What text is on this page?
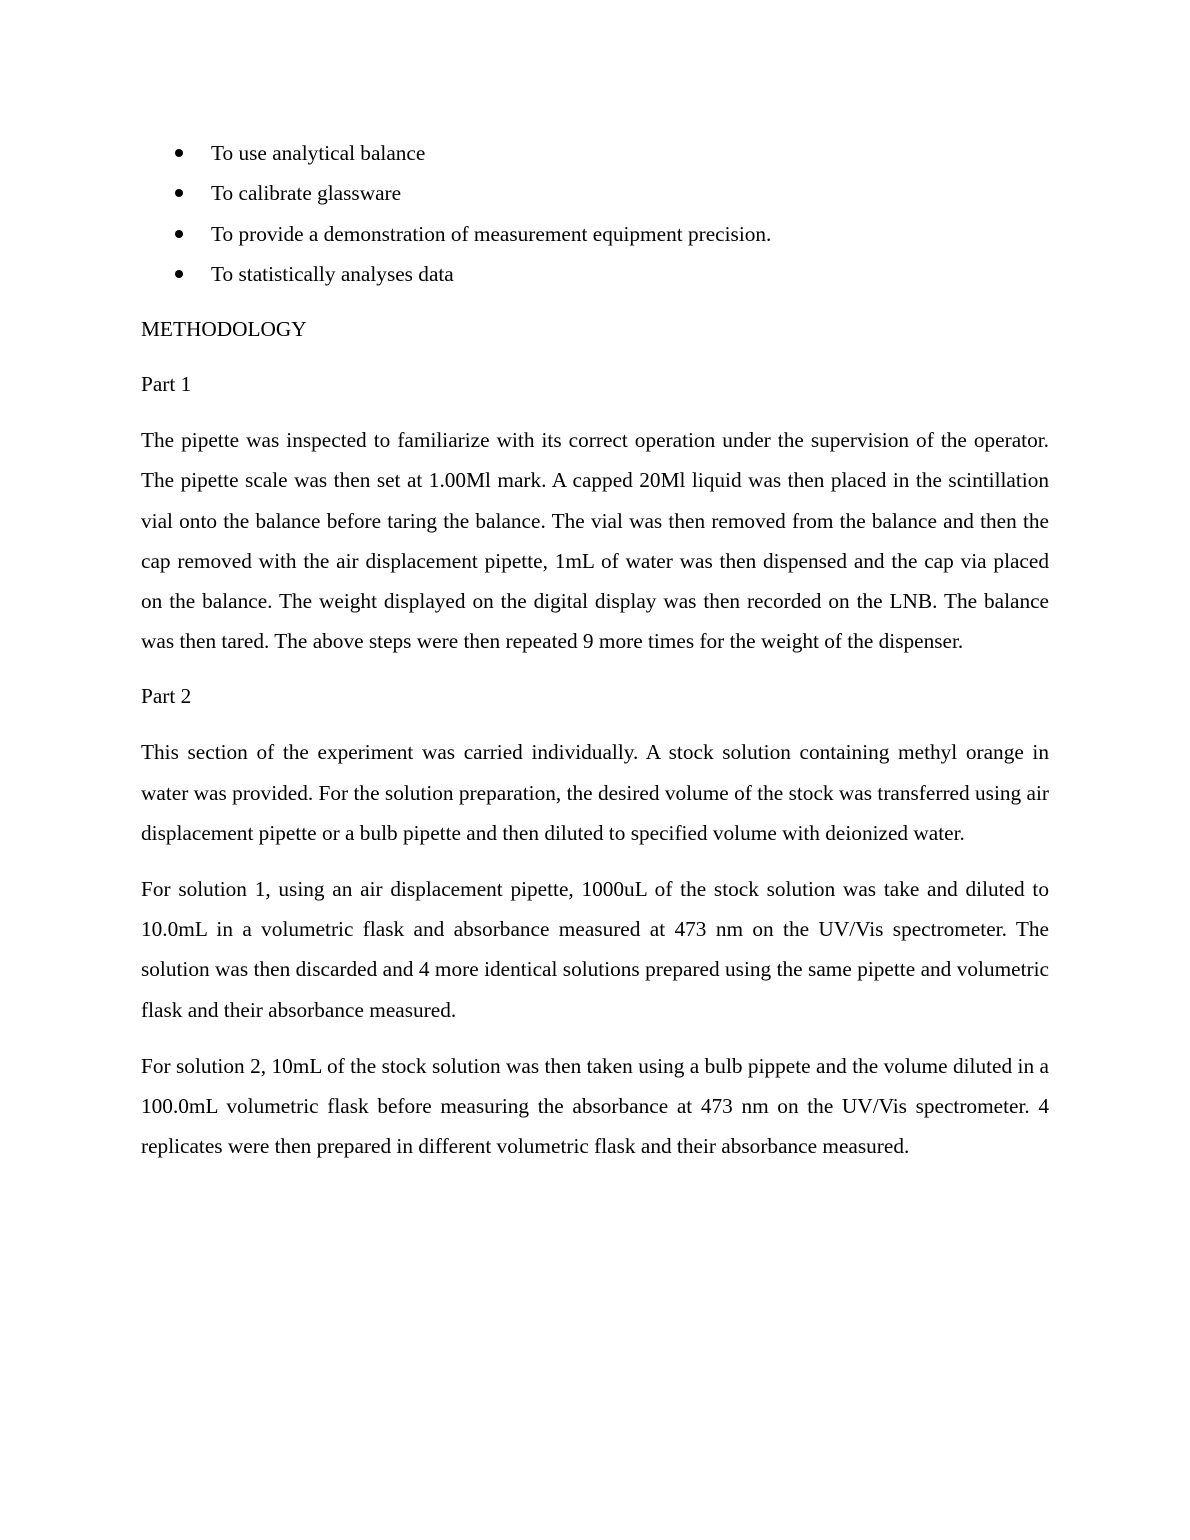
To use analytical balance
To calibrate glassware
To provide a demonstration of measurement equipment precision.
To statistically analyses data
METHODOLOGY
Part 1

The pipette was inspected to familiarize with its correct operation under the supervision of the operator. The pipette scale was then set at 1.00Ml mark. A capped 20Ml liquid was then placed in the scintillation vial onto the balance before taring the balance. The vial was then removed from the balance and then the cap removed with the air displacement pipette, 1mL of water was then dispensed and the cap via placed on the balance. The weight displayed on the digital display was then recorded on the LNB. The balance was then tared. The above steps were then repeated 9 more times for the weight of the dispenser.

Part 2

This section of the experiment was carried individually. A stock solution containing methyl orange in water was provided. For the solution preparation, the desired volume of the stock was transferred using air displacement pipette or a bulb pipette and then diluted to specified volume with deionized water.

For solution 1, using an air displacement pipette, 1000uL of the stock solution was take and diluted to 10.0mL in a volumetric flask and absorbance measured at 473 nm on the UV/Vis spectrometer. The solution was then discarded and 4 more identical solutions prepared using the same pipette and volumetric flask and their absorbance measured.

For solution 2, 10mL of the stock solution was then taken using a bulb pippete and the volume diluted in a 100.0mL volumetric flask before measuring the absorbance at 473 nm on the UV/Vis spectrometer. 4 replicates were then prepared in different volumetric flask and their absorbance measured.
